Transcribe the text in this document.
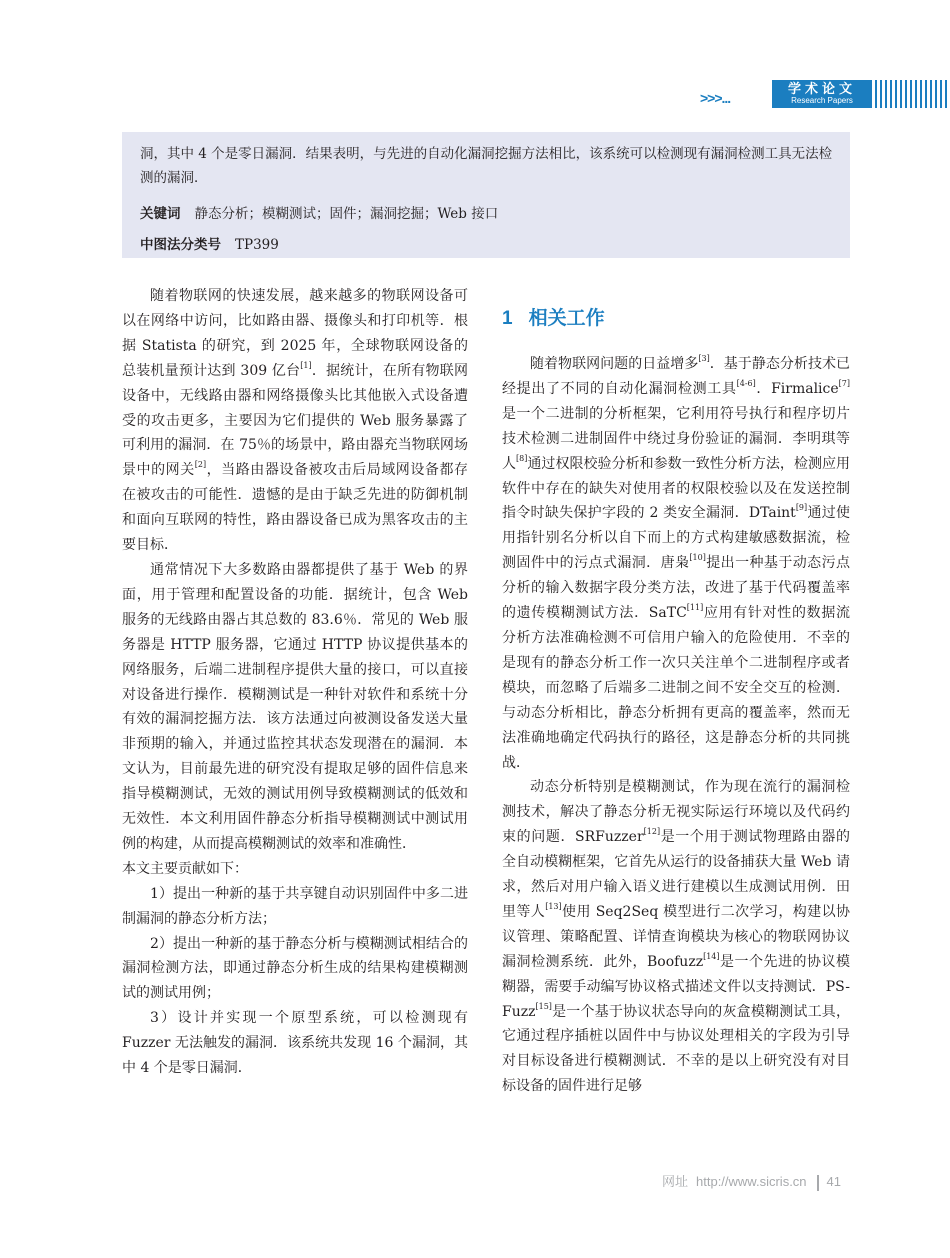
>>>...
学术论文
Research Papers
洞，其中 4 个是零日漏洞．结果表明，与先进的自动化漏洞挖掘方法相比，该系统可以检测现有漏洞检测工具无法检测的漏洞．
关键词 静态分析；模糊测试；固件；漏洞挖掘；Web 接口
中图法分类号 TP399

随着物联网的快速发展，越来越多的物联网设备可以在网络中访问，比如路由器、摄像头和打印机等．根据 Statista 的研究，到 2025 年，全球物联网设备的总装机量预计达到 309 亿台[1]．据统计，在所有物联网设备中，无线路由器和网络摄像头比其他嵌入式设备遭受的攻击更多，主要因为它们提供的 Web 服务暴露了可利用的漏洞．在 75％的场景中，路由器充当物联网场景中的网关[2]，当路由器设备被攻击后局域网设备都存在被攻击的可能性．遗憾的是由于缺乏先进的防御机制和面向互联网的特性，路由器设备已成为黑客攻击的主要目标．

通常情况下大多数路由器都提供了基于 Web 的界面，用于管理和配置设备的功能．据统计，包含 Web 服务的无线路由器占其总数的 83.6％．常见的 Web 服务器是 HTTP 服务器，它通过 HTTP 协议提供基本的网络服务，后端二进制程序提供大量的接口，可以直接对设备进行操作．模糊测试是一种针对软件和系统十分有效的漏洞挖掘方法．该方法通过向被测设备发送大量非预期的输入，并通过监控其状态发现潜在的漏洞．本文认为，目前最先进的研究没有提取足够的固件信息来指导模糊测试，无效的测试用例导致模糊测试的低效和无效性．本文利用固件静态分析指导模糊测试中测试用例的构建，从而提高模糊测试的效率和准确性．

本文主要贡献如下：

1）提出一种新的基于共享键自动识别固件中多二进制漏洞的静态分析方法；

2）提出一种新的基于静态分析与模糊测试相结合的漏洞检测方法，即通过静态分析生成的结果构建模糊测试的测试用例；

3）设计并实现一个原型系统，可以检测现有 Fuzzer 无法触发的漏洞．该系统共发现 16 个漏洞，其中 4 个是零日漏洞．

1 相关工作

随着物联网问题的日益增多[3]．基于静态分析技术已经提出了不同的自动化漏洞检测工具[4-6]．Firmalice[7]是一个二进制的分析框架，它利用符号执行和程序切片技术检测二进制固件中绕过身份验证的漏洞．李明琪等人[8]通过权限校验分析和参数一致性分析方法，检测应用软件中存在的缺失对使用者的权限校验以及在发送控制指令时缺失保护字段的 2 类安全漏洞．DTaint[9]通过使用指针别名分析以自下而上的方式构建敏感数据流，检测固件中的污点式漏洞．唐枭[10]提出一种基于动态污点分析的输入数据字段分类方法，改进了基于代码覆盖率的遗传模糊测试方法．SaTC[11]应用有针对性的数据流分析方法准确检测不可信用户输入的危险使用．不幸的是现有的静态分析工作一次只关注单个二进制程序或者模块，而忽略了后端多二进制之间不安全交互的检测．与动态分析相比，静态分析拥有更高的覆盖率，然而无法准确地确定代码执行的路径，这是静态分析的共同挑战．

动态分析特别是模糊测试，作为现在流行的漏洞检测技术，解决了静态分析无视实际运行环境以及代码约束的问题．SRFuzzer[12]是一个用于测试物理路由器的全自动模糊框架，它首先从运行的设备捕获大量 Web 请求，然后对用户输入语义进行建模以生成测试用例．田里等人[13]使用 Seq2Seq 模型进行二次学习，构建以协议管理、策略配置、详情查询模块为核心的物联网协议漏洞检测系统．此外，Boofuzz[14]是一个先进的协议模糊器，需要手动编写协议格式描述文件以支持测试．PS-Fuzz[15]是一个基于协议状态导向的灰盒模糊测试工具，它通过程序插桩以固件中与协议处理相关的字段为引导对目标设备进行模糊测试．不幸的是以上研究没有对目标设备的固件进行足够

网址 http://www.sicris.cn 41
